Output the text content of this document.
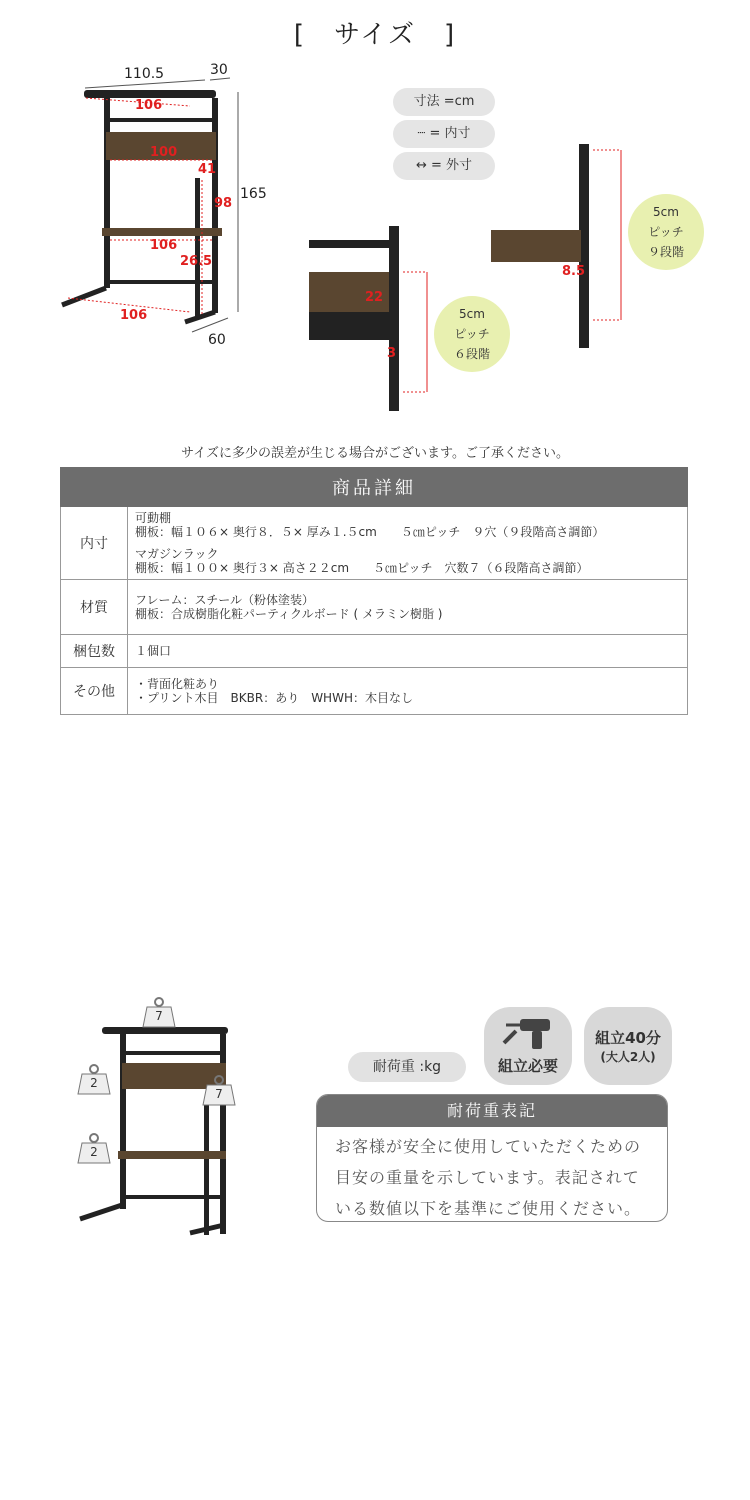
[　サイズ　]
110.5	30
165
60
106
100
41
98
106
26.5
106
寸法 =cm
┈ = 内寸
↔ = 外寸
22
3
5cm
ピッチ
６段階
8.5
5cm
ピッチ
９段階
サイズに多少の誤差が生じる場合がございます。ご了承ください。
商品詳細	
内寸	可動棚
棚板：幅１０６× 奥行８．５× 厚み１.５cm　　５㎝ピッチ　９穴（９段階高さ調節）
マガジンラック
棚板：幅１００× 奥行３× 高さ２２cm　　５㎝ピッチ　穴数７（６段階高さ調節）

材質	フレーム：スチール（粉体塗装）
棚板：合成樹脂化粧パーティクルボード ( メラミン樹脂 )

梱包数	１個口

その他	・背面化粧あり
・プリント木目　BKBR：あり　WHWH：木目なし
7
2
7
2
耐荷重 :kg	組立必要
組立40分
(大人2人)
耐荷重表記
お客様が安全に使用していただくための
目安の重量を示しています。表記されて
いる数値以下を基準にご使用ください。
